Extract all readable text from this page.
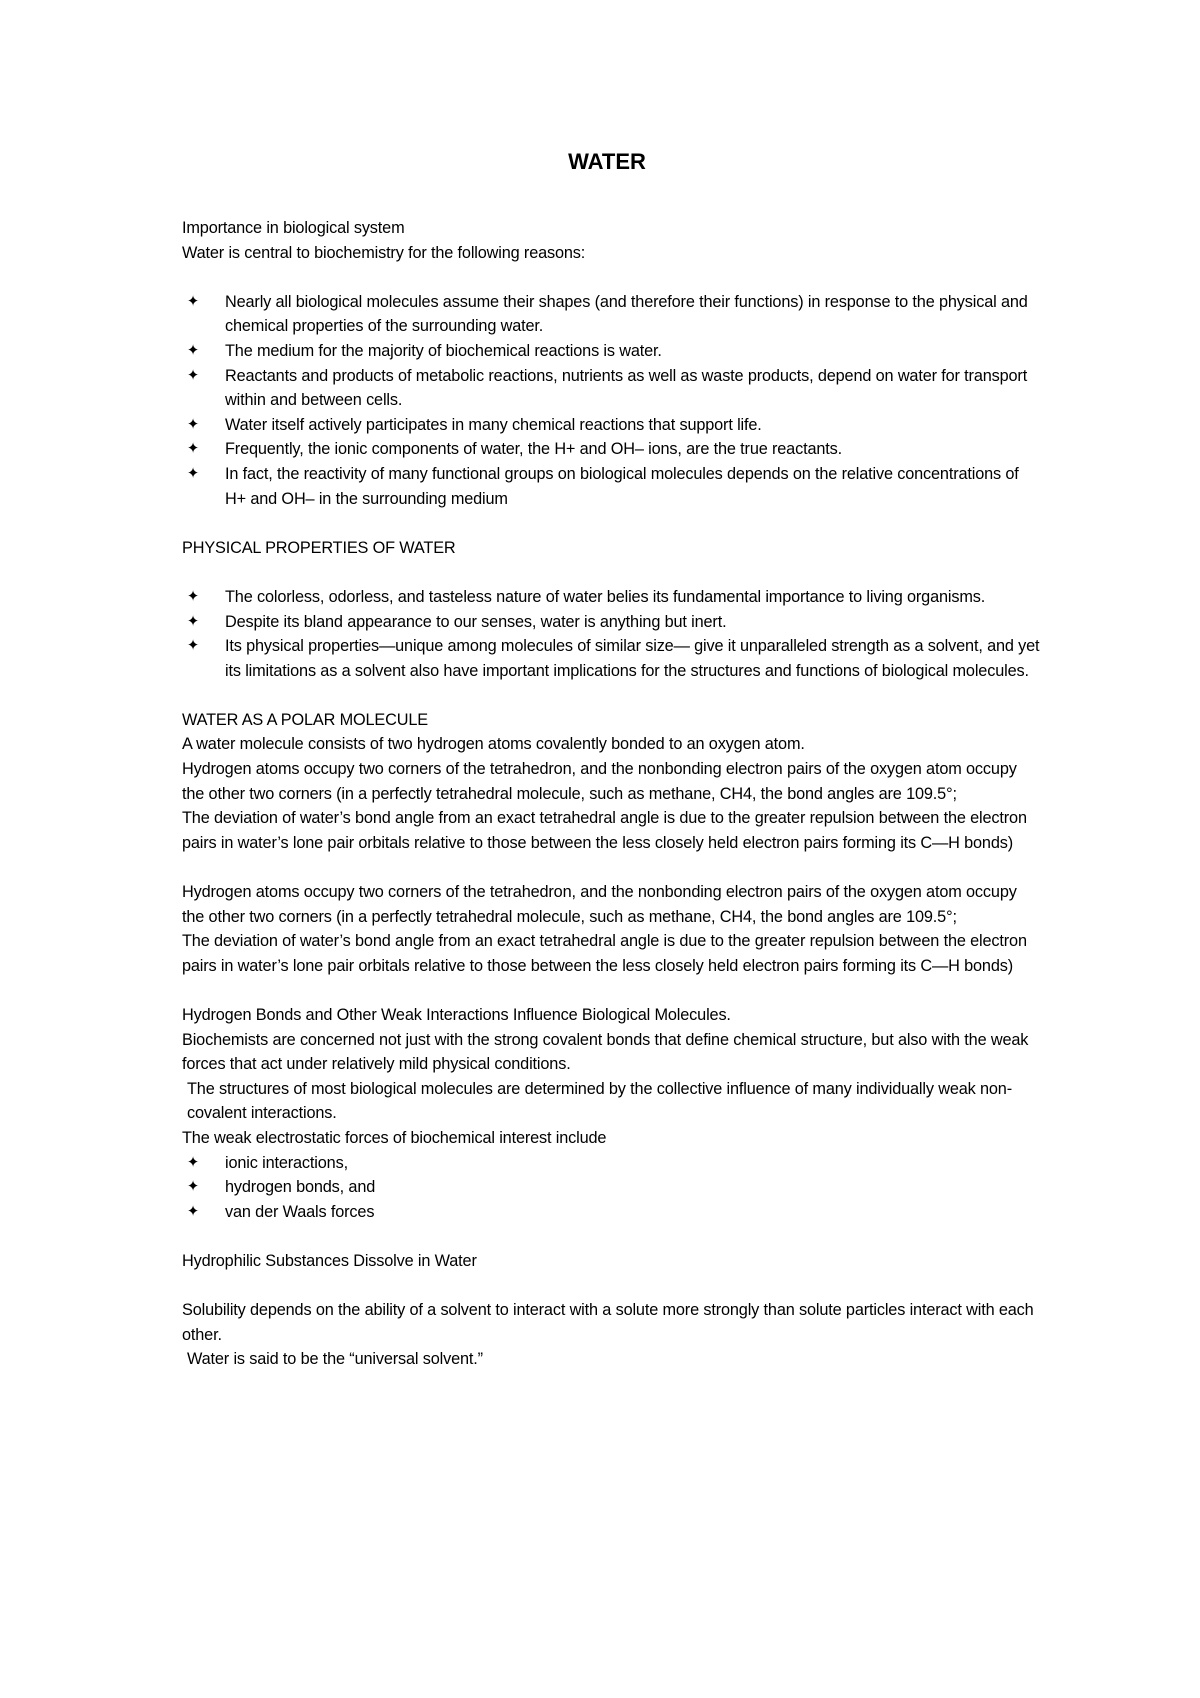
WATER

Importance in biological system

Water is central to biochemistry for the following reasons:

✦ Nearly all biological molecules assume their shapes (and therefore their functions) in response to the physical and chemical properties of the surrounding water.

✦ The medium for the majority of biochemical reactions is water.

✦ Reactants and products of metabolic reactions, nutrients as well as waste products, depend on water for transport within and between cells.

✦ Water itself actively participates in many chemical reactions that support life.

✦ Frequently, the ionic components of water, the H+ and OH– ions, are the true reactants.

✦ In fact, the reactivity of many functional groups on biological molecules depends on the relative concentrations of H+ and OH– in the surrounding medium

PHYSICAL PROPERTIES OF WATER

✦ The colorless, odorless, and tasteless nature of water belies its fundamental importance to living organisms.

✦ Despite its bland appearance to our senses, water is anything but inert.

✦ Its physical properties—unique among molecules of similar size— give it unparalleled strength as a solvent, and yet its limitations as a solvent also have important implications for the structures and functions of biological molecules.

WATER AS A POLAR MOLECULE

A water molecule consists of two hydrogen atoms covalently bonded to an oxygen atom.

Hydrogen atoms occupy two corners of the tetrahedron, and the nonbonding electron pairs of the oxygen atom occupy the other two corners (in a perfectly tetrahedral molecule, such as methane, CH4, the bond angles are 109.5°;

The deviation of water’s bond angle from an exact tetrahedral angle is due to the greater repulsion between the electron pairs in water’s lone pair orbitals relative to those between the less closely held electron pairs forming its C—H bonds)

Hydrogen atoms occupy two corners of the tetrahedron, and the nonbonding electron pairs of the oxygen atom occupy the other two corners (in a perfectly tetrahedral molecule, such as methane, CH4, the bond angles are 109.5°;

The deviation of water’s bond angle from an exact tetrahedral angle is due to the greater repulsion between the electron pairs in water’s lone pair orbitals relative to those between the less closely held electron pairs forming its C—H bonds)

Hydrogen Bonds and Other Weak Interactions Influence Biological Molecules.

Biochemists are concerned not just with the strong covalent bonds that define chemical structure, but also with the weak forces that act under relatively mild physical conditions.

The structures of most biological molecules are determined by the collective influence of many individually weak non-covalent interactions.

The weak electrostatic forces of biochemical interest include

✦ ionic interactions,

✦ hydrogen bonds, and

✦ van der Waals forces

Hydrophilic Substances Dissolve in Water

Solubility depends on the ability of a solvent to interact with a solute more strongly than solute particles interact with each other.

Water is said to be the “universal solvent.”
